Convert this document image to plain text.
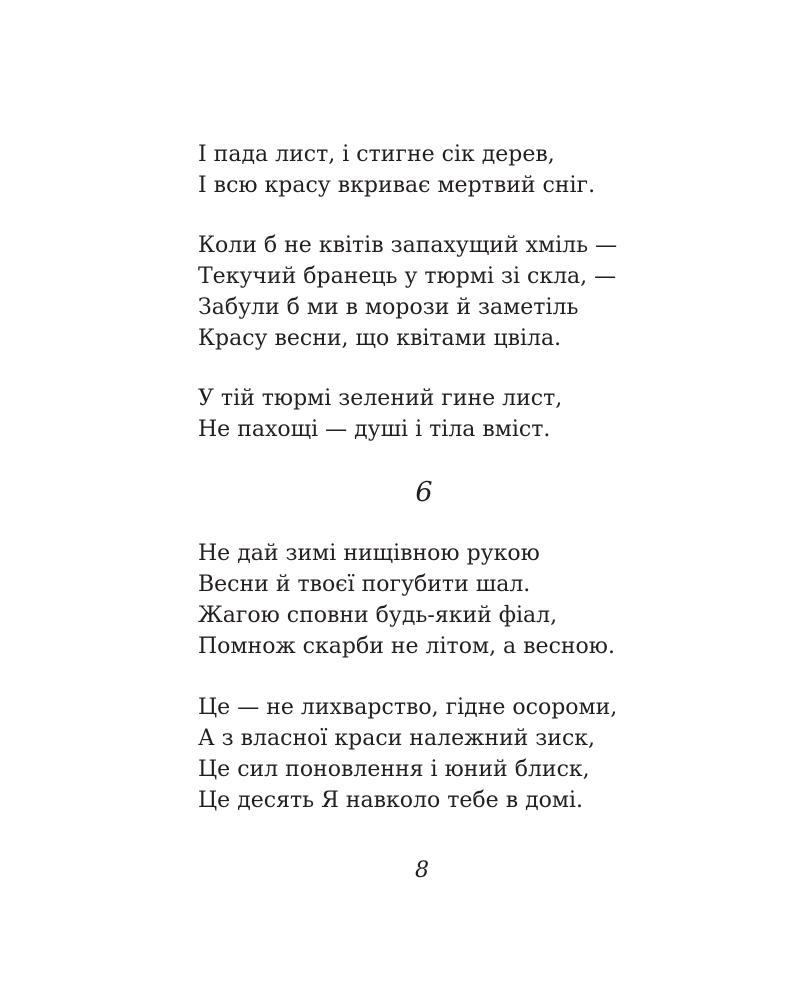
І пада лист, і стигне сік дерев,
І всю красу вкриває мертвий сніг.
Коли б не квітів запахущий хміль —
Текучий бранець у тюрмі зі скла, —
Забули б ми в морози й заметіль
Красу весни, що квітами цвіла.
У тій тюрмі зелений гине лист,
Не пахощі — душі і тіла вміст.
6
Не дай зимі нищівною рукою
Весни й твоєї погубити шал.
Жагою сповни будь-який фіал,
Помнож скарби не літом, а весною.
Це — не лихварство, гідне осороми,
А з власної краси належний зиск,
Це сил поновлення і юний блиск,
Це десять Я навколо тебе в домі.
8
